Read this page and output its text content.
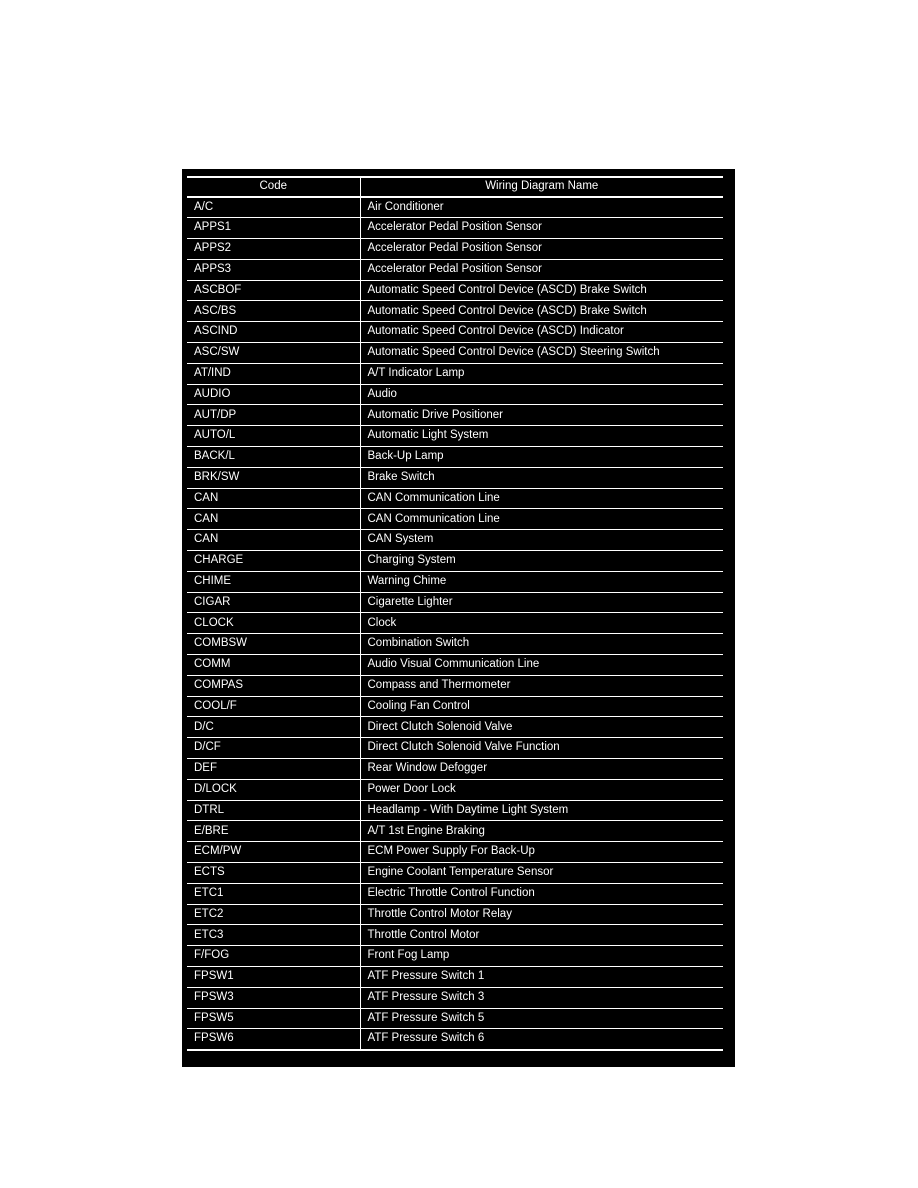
Code	Wiring Diagram Name
A/C	Air Conditioner
APPS1	Accelerator Pedal Position Sensor
APPS2	Accelerator Pedal Position Sensor
APPS3	Accelerator Pedal Position Sensor
ASCBOF	Automatic Speed Control Device (ASCD) Brake Switch
ASC/BS	Automatic Speed Control Device (ASCD) Brake Switch
ASCIND	Automatic Speed Control Device (ASCD) Indicator
ASC/SW	Automatic Speed Control Device (ASCD) Steering Switch
AT/IND	A/T Indicator Lamp
AUDIO	Audio
AUT/DP	Automatic Drive Positioner
AUTO/L	Automatic Light System
BACK/L	Back-Up Lamp
BRK/SW	Brake Switch
CAN	CAN Communication Line
CAN	CAN Communication Line
CAN	CAN System
CHARGE	Charging System
CHIME	Warning Chime
CIGAR	Cigarette Lighter
CLOCK	Clock
COMBSW	Combination Switch
COMM	Audio Visual Communication Line
COMPAS	Compass and Thermometer
COOL/F	Cooling Fan Control
D/C	Direct Clutch Solenoid Valve
D/CF	Direct Clutch Solenoid Valve Function
DEF	Rear Window Defogger
D/LOCK	Power Door Lock
DTRL	Headlamp - With Daytime Light System
E/BRE	A/T 1st Engine Braking
ECM/PW	ECM Power Supply For Back-Up
ECTS	Engine Coolant Temperature Sensor
ETC1	Electric Throttle Control Function
ETC2	Throttle Control Motor Relay
ETC3	Throttle Control Motor
F/FOG	Front Fog Lamp
FPSW1	ATF Pressure Switch 1
FPSW3	ATF Pressure Switch 3
FPSW5	ATF Pressure Switch 5
FPSW6	ATF Pressure Switch 6
